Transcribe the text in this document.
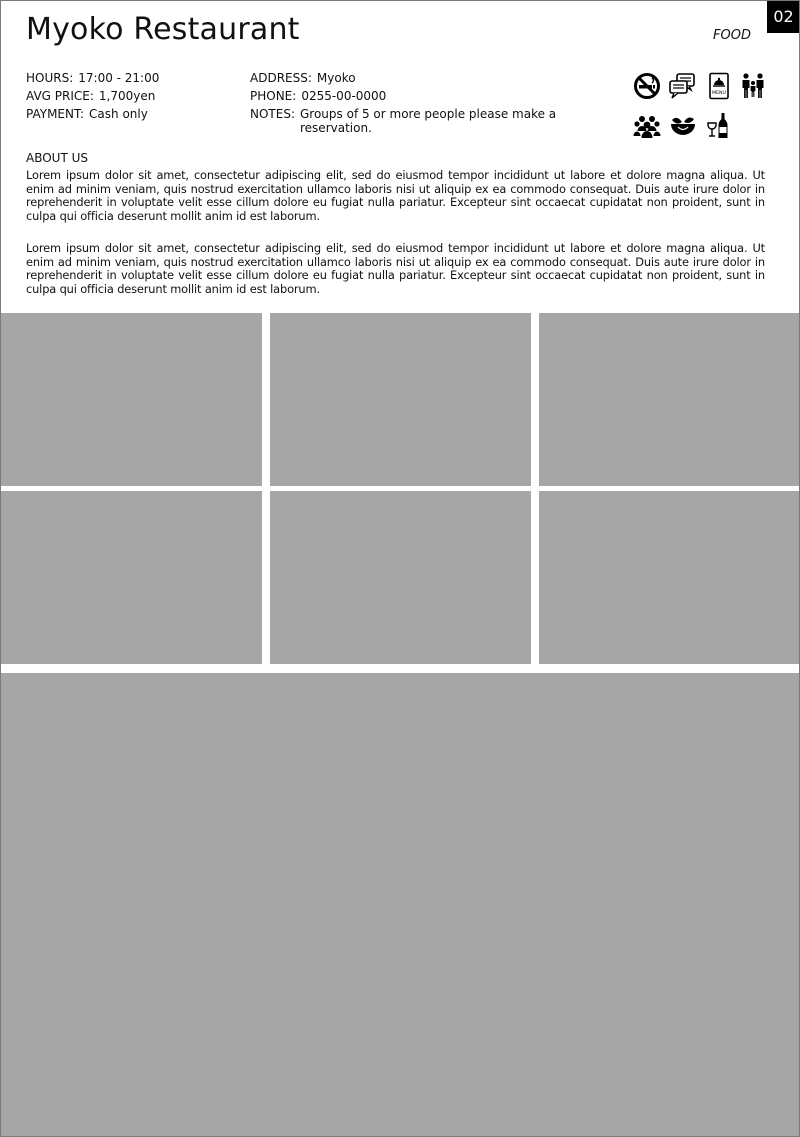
Myoko Restaurant	FOOD
02
HOURS: 17:00 - 21:00
AVG PRICE: 1,700yen
PAYMENT: Cash only
ADDRESS: Myoko
PHONE: 0255-00-0000
NOTES: Groups of 5 or more people please make a reservation.
MENU
ABOUT US

Lorem ipsum dolor sit amet, consectetur adipiscing elit, sed do eiusmod tempor incididunt ut labore et dolore magna aliqua. Ut enim ad minim veniam, quis nostrud exercitation ullamco laboris nisi ut aliquip ex ea commodo consequat. Duis aute irure dolor in reprehenderit in voluptate velit esse cillum dolore eu fugiat nulla pariatur. Excepteur sint occaecat cupidatat non proident, sunt in culpa qui officia deserunt mollit anim id est laborum.

Lorem ipsum dolor sit amet, consectetur adipiscing elit, sed do eiusmod tempor incididunt ut labore et dolore magna aliqua. Ut enim ad minim veniam, quis nostrud exercitation ullamco laboris nisi ut aliquip ex ea commodo consequat. Duis aute irure dolor in reprehenderit in voluptate velit esse cillum dolore eu fugiat nulla pariatur. Excepteur sint occaecat cupidatat non proident, sunt in culpa qui officia deserunt mollit anim id est laborum.
